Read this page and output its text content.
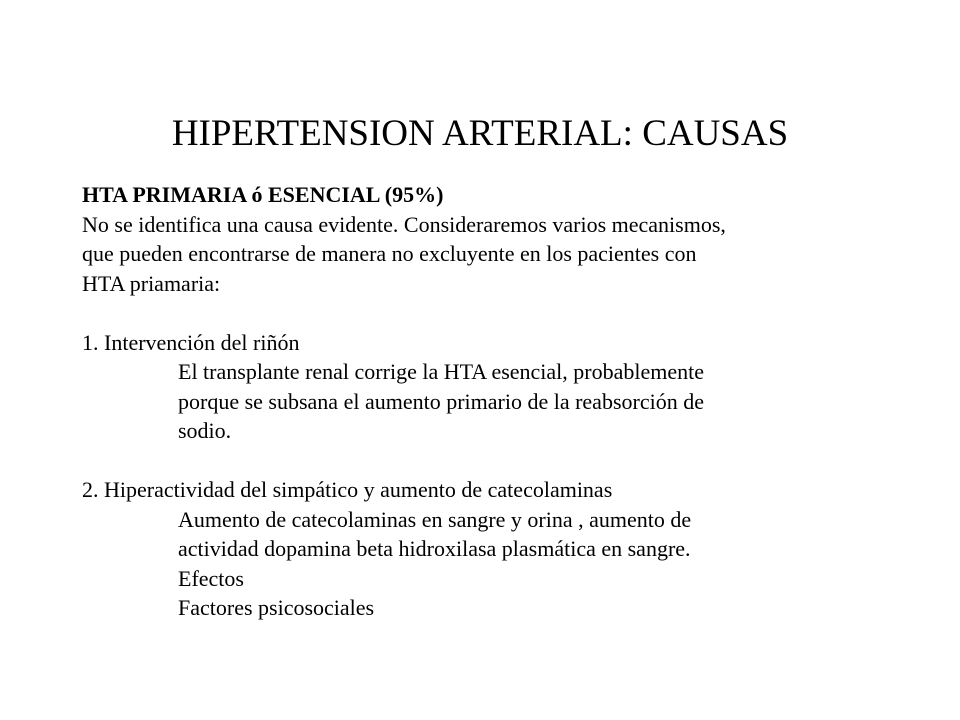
HIPERTENSION ARTERIAL: CAUSAS
HTA PRIMARIA ó ESENCIAL (95%)
No se identifica una causa evidente. Consideraremos varios mecanismos,
que pueden encontrarse de manera no excluyente en los pacientes con
HTA priamaria:
1. Intervención del riñón
El transplante renal corrige la HTA esencial, probablemente
porque se subsana el aumento primario de la reabsorción de
sodio.
2. Hiperactividad del simpático y aumento de catecolaminas
Aumento de catecolaminas en sangre y orina , aumento de
actividad dopamina beta hidroxilasa plasmática en sangre.
Efectos
Factores psicosociales
